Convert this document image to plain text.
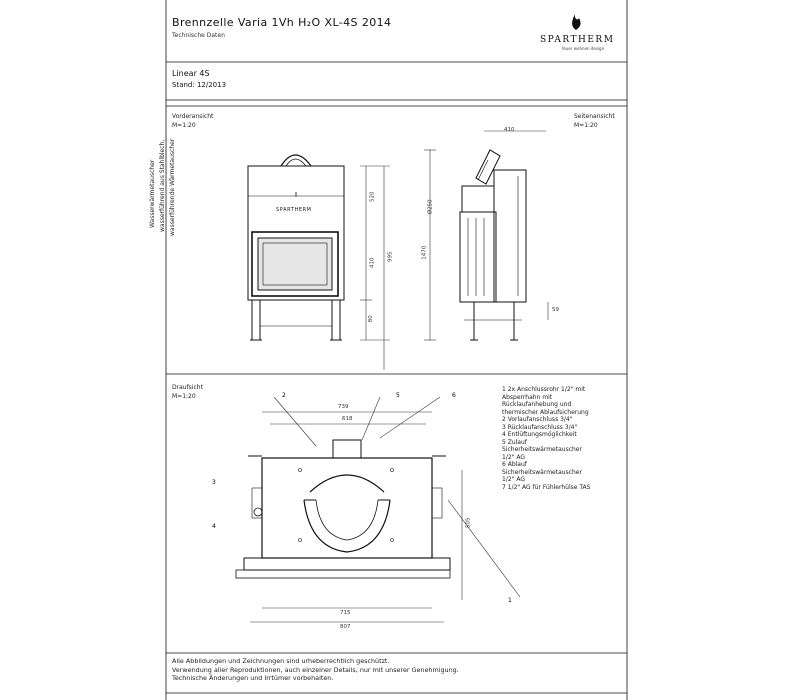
2	5	6
1
3
4
Brennzelle Varia 1Vh H₂O XL-4S 2014
Technische Daten	SPARTHERM
feuer wohnen design
Linear 4S
Stand: 12/2013
Vorderansicht
M=1:20
Seitenansicht
M=1:20
Draufsicht
M=1:20
Wasserwärmetauscher wasserführend aus Stahlblech, wasserführende Wärmetauscher	SPARTHERM
410
Ø250
1470
59
520
410
995
80
739
618
505
715
807
1 2x Anschlussrohr 1/2" mit
Absperrhahn mit
Rücklaufanhebung und
thermischer Ablaufsicherung
2 Vorlaufanschluss 3/4"
3 Rücklaufanschluss 3/4"
4 Entlüftungsmöglichkeit
5 Zulauf
Sicherheitswärmetauscher
1/2" AG
6 Ablauf
Sicherheitswärmetauscher
1/2" AG
7 1/2" AG für Fühlerhülse TAS
Alle Abbildungen und Zeichnungen sind urheberrechtlich geschützt.
Verwendung aller Reproduktionen, auch einzelner Details, nur mit unserer Genehmigung.
Technische Änderungen und Irrtümer vorbehalten.
